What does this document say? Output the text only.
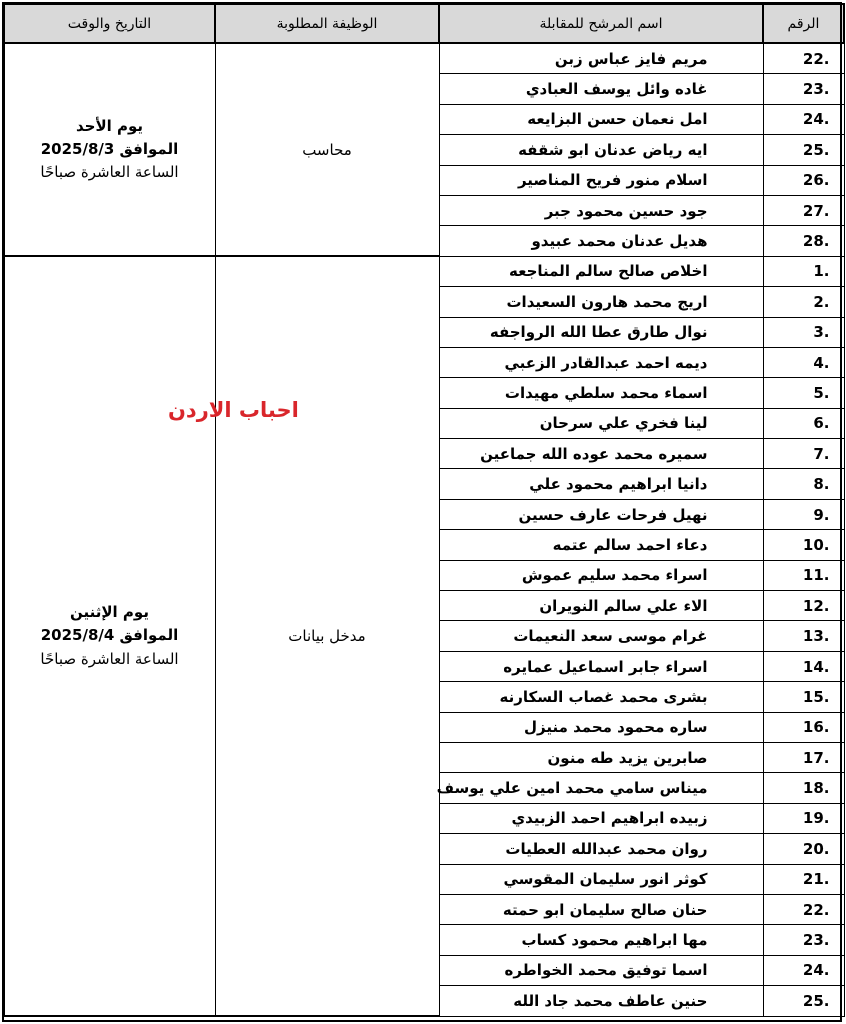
الرقم	اسم المرشح للمقابلة	الوظيفة المطلوبة	التاريخ والوقت
.22	مريم فايز عباس زبن	محاسب	يوم الأحد
الموافق 2025/8/3
الساعة العاشرة صباحًا

.23	غاده وائل يوسف العبادي		
.24	امل نعمان حسن البزايعه		
.25	ايه رياض عدنان ابو شقفه		
.26	اسلام منور فريح المناصير		
.27	جود حسين محمود جبر		
.28	هديل عدنان محمد عبيدو		
.1	اخلاص صالح سالم المناجعه	مدخل بيانات	يوم الإثنين
الموافق 2025/8/4
الساعة العاشرة صباحًا

.2	اريج محمد هارون السعيدات		
.3	نوال طارق عطا الله الرواجفه		
.4	ديمه احمد عبدالقادر الزعبي		
.5	اسماء محمد سلطي مهيدات		
.6	لينا فخري علي سرحان		
.7	سميره محمد عوده الله جماعين		
.8	دانيا ابراهيم محمود علي		
.9	نهيل فرحات عارف حسين		
.10	دعاء احمد سالم عتمه		
.11	اسراء محمد سليم عموش		
.12	الاء علي سالم النويران		
.13	غرام موسى سعد النعيمات		
.14	اسراء جابر اسماعيل عمايره		
.15	بشرى محمد غصاب السكارنه		
.16	ساره محمود محمد منيزل		
.17	صابرين يزيد طه منون		
.18	ميناس سامي محمد امين علي يوسف		
.19	زبيده ابراهيم احمد الزبيدي		
.20	روان محمد عبدالله العطيات		
.21	كوثر انور سليمان المقوسي		
.22	حنان صالح سليمان ابو حمته		
.23	مها ابراهيم محمود كساب		
.24	اسما توفيق محمد الخواطره		
.25	حنين عاطف محمد جاد الله		
احباب الاردن
